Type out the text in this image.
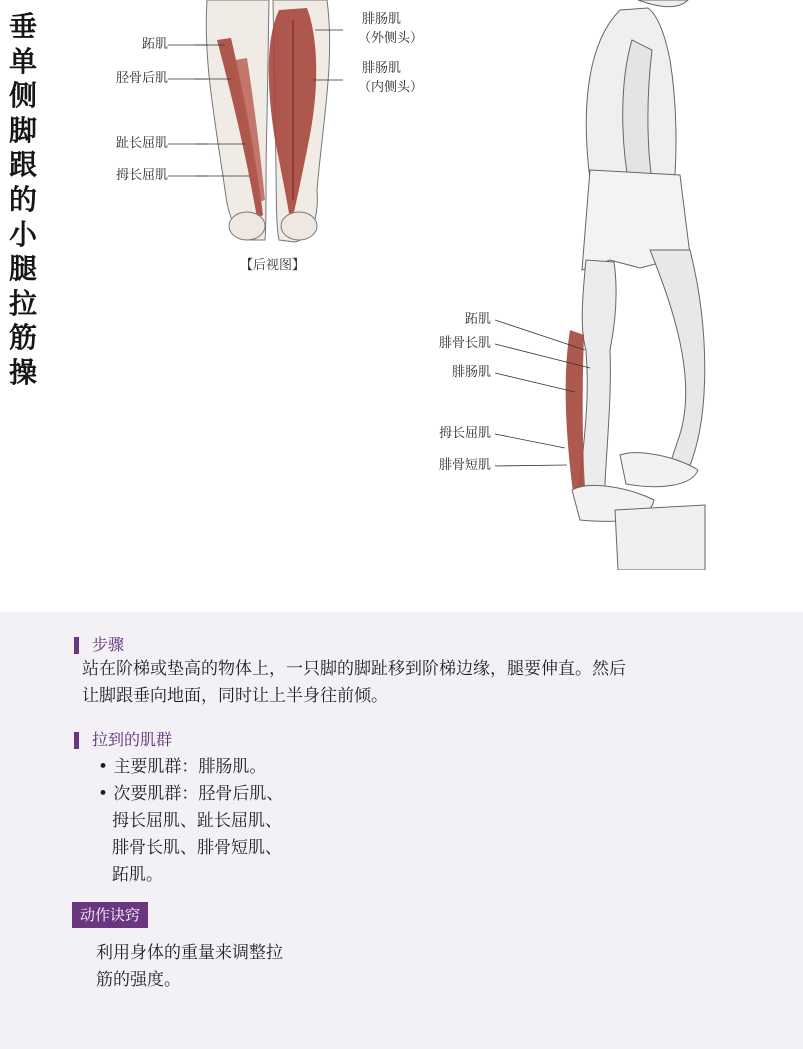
垂
单
侧
脚
跟
的
小
腿
拉
筋
操
跖肌
胫骨后肌
趾长屈肌
拇长屈肌
腓肠肌
（外侧头）
腓肠肌
（内侧头）
【后视图】
跖肌
腓骨长肌
腓肠肌
拇长屈肌
腓骨短肌
步骤
站在阶梯或垫高的物体上，一只脚的脚趾移到阶梯边缘，腿要伸直。然后
让脚跟垂向地面，同时让上半身往前倾。
拉到的肌群
• 主要肌群：腓肠肌。
• 次要肌群：胫骨后肌、
拇长屈肌、趾长屈肌、
腓骨长肌、腓骨短肌、
跖肌。
动作诀窍
利用身体的重量来调整拉
筋的强度。
